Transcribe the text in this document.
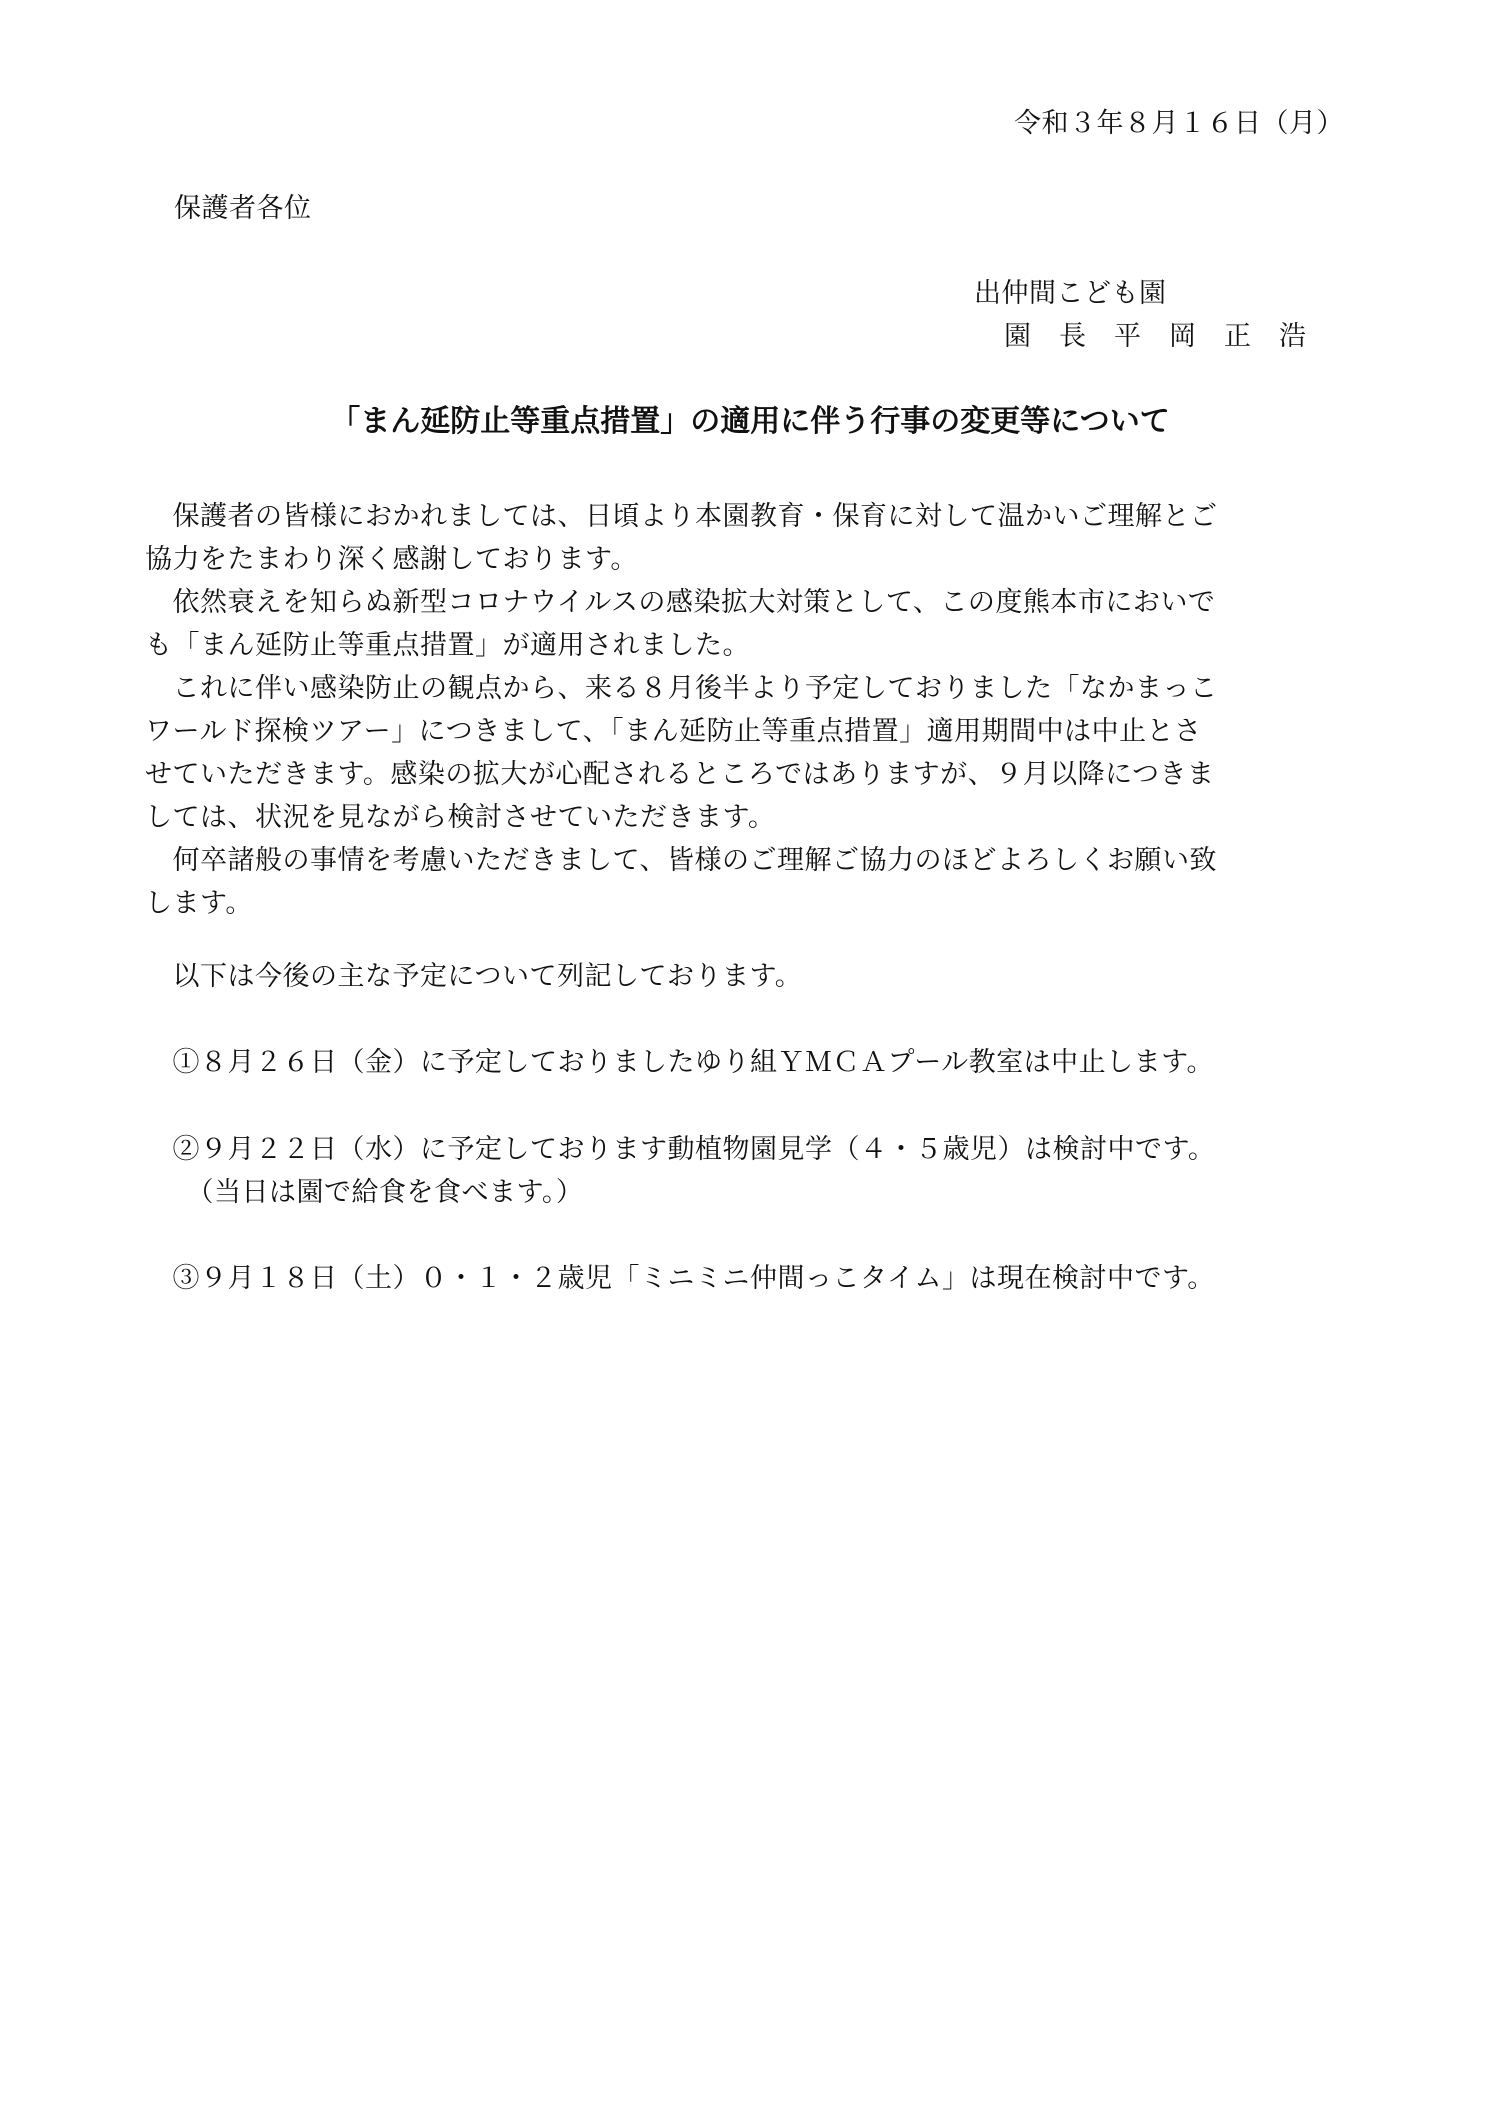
令和３年８月１６日（月）
保護者各位
出仲間こども園
園　長　平　岡　正　浩
「まん延防止等重点措置」の適用に伴う行事の変更等について
　保護者の皆様におかれましては、日頃より本園教育・保育に対して温かいご理解とご
協力をたまわり深く感謝しております。
　依然衰えを知らぬ新型コロナウイルスの感染拡大対策として、この度熊本市においで
も「まん延防止等重点措置」が適用されました。
　これに伴い感染防止の観点から、来る８月後半より予定しておりました「なかまっこ
ワールド探検ツアー」につきまして、「まん延防止等重点措置」適用期間中は中止とさ
せていただきます。感染の拡大が心配されるところではありますが、９月以降につきま
しては、状況を見ながら検討させていただきます。
　何卒諸般の事情を考慮いただきまして、皆様のご理解ご協力のほどよろしくお願い致
します。
　以下は今後の主な予定について列記しております。
　①８月２６日（金）に予定しておりましたゆり組ＹＭＣＡプール教室は中止します。
　②９月２２日（水）に予定しております動植物園見学（４・５歳児）は検討中です。
　　（当日は園で給食を食べます。）
　③９月１８日（土）０・１・２歳児「ミニミニ仲間っこタイム」は現在検討中です。
